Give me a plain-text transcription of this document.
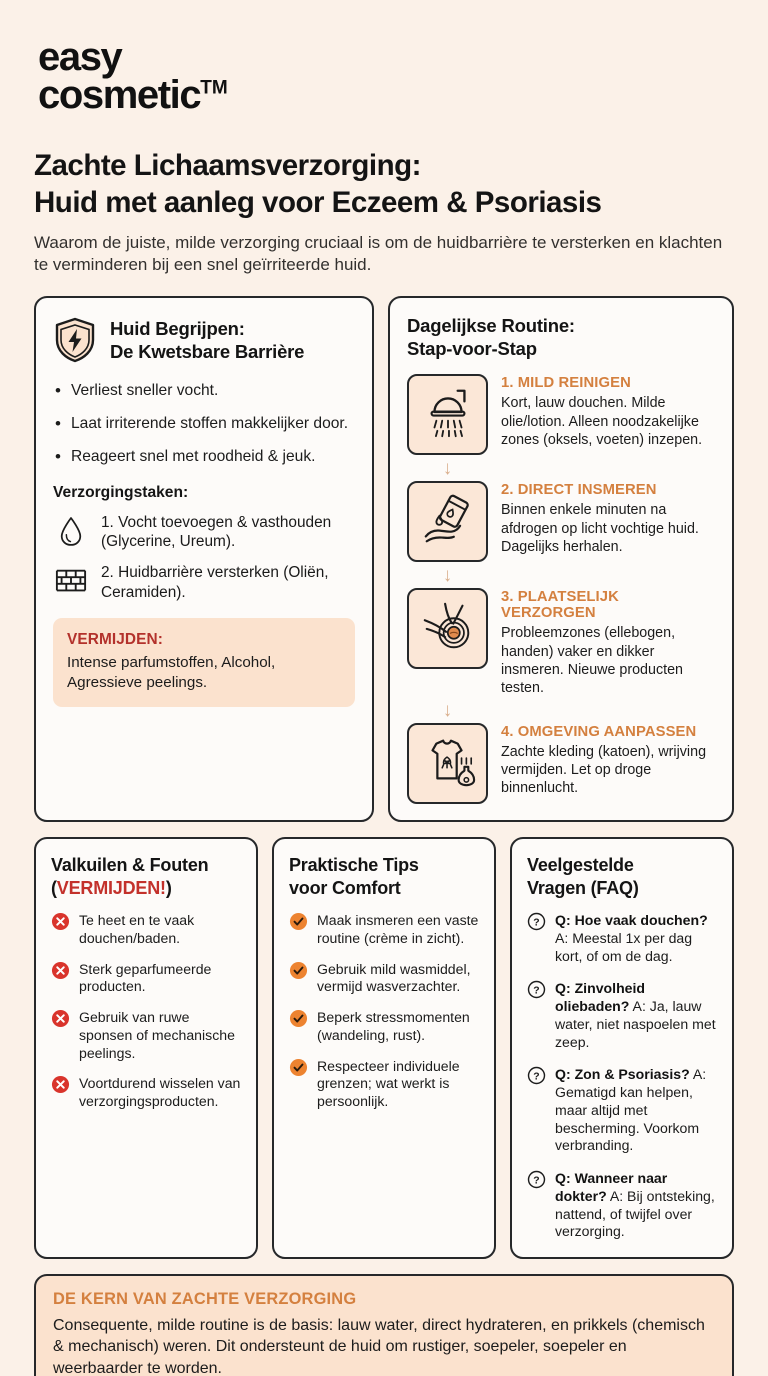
easy
cosmetic™
Zachte Lichaamsverzorging:
Huid met aanleg voor Eczeem & Psoriasis
Waarom de juiste, milde verzorging cruciaal is om de huidbarrière te versterken en klachten te verminderen bij een snel geïrriteerde huid.
Huid Begrijpen:
De Kwetsbare Barrière
• Verliest sneller vocht.
• Laat irriterende stoffen makkelijker door.
• Reageert snel met roodheid & jeuk.
Verzorgingstaken:
1. Vocht toevoegen & vasthouden (Glycerine, Ureum).
2. Huidbarrière versterken (Oliën, Ceramiden).
VERMIJDEN:
Intense parfumstoffen, Alcohol, Agressieve peelings.
Dagelijkse Routine:
Stap-voor-Stap
1. MILD REINIGEN
Kort, lauw douchen. Milde olie/lotion. Alleen noodzakelijke zones (oksels, voeten) inzepen.
↓
2. DIRECT INSMEREN
Binnen enkele minuten na afdrogen op licht vochtige huid. Dagelijks herhalen.
↓
3. PLAATSELIJK VERZORGEN
Probleemzones (ellebogen, handen) vaker en dikker insmeren. Nieuwe producten testen.
↓
4. OMGEVING AANPASSEN
Zachte kleding (katoen), wrijving vermijden. Let op droge binnenlucht.
Valkuilen & Fouten
(VERMIJDEN!)
Te heet en te vaak douchen/baden.
Sterk geparfumeerde producten.
Gebruik van ruwe sponsen of mechanische peelings.
Voortdurend wisselen van verzorgingsproducten.
Praktische Tips
voor Comfort
Maak insmeren een vaste routine (crème in zicht).
Gebruik mild wasmiddel, vermijd wasverzachter.
Beperk stressmomenten (wandeling, rust).
Respecteer individuele grenzen; wat werkt is persoonlijk.
Veelgestelde
Vragen (FAQ)
? Q: Hoe vaak douchen? A: Meestal 1x per dag kort, of om de dag.
? Q: Zinvolheid oliebaden? A: Ja, lauw water, niet naspoelen met zeep.
? Q: Zon & Psoriasis? A: Gematigd kan helpen, maar altijd met bescherming. Voorkom verbranding.
? Q: Wanneer naar dokter? A: Bij ontsteking, nattend, of twijfel over verzorging.
DE KERN VAN ZACHTE VERZORGING
Consequente, milde routine is de basis: lauw water, direct hydrateren, en prikkels (chemisch & mechanisch) weren. Dit ondersteunt de huid om rustiger, soepeler, soepeler en weerbaarder te worden.
